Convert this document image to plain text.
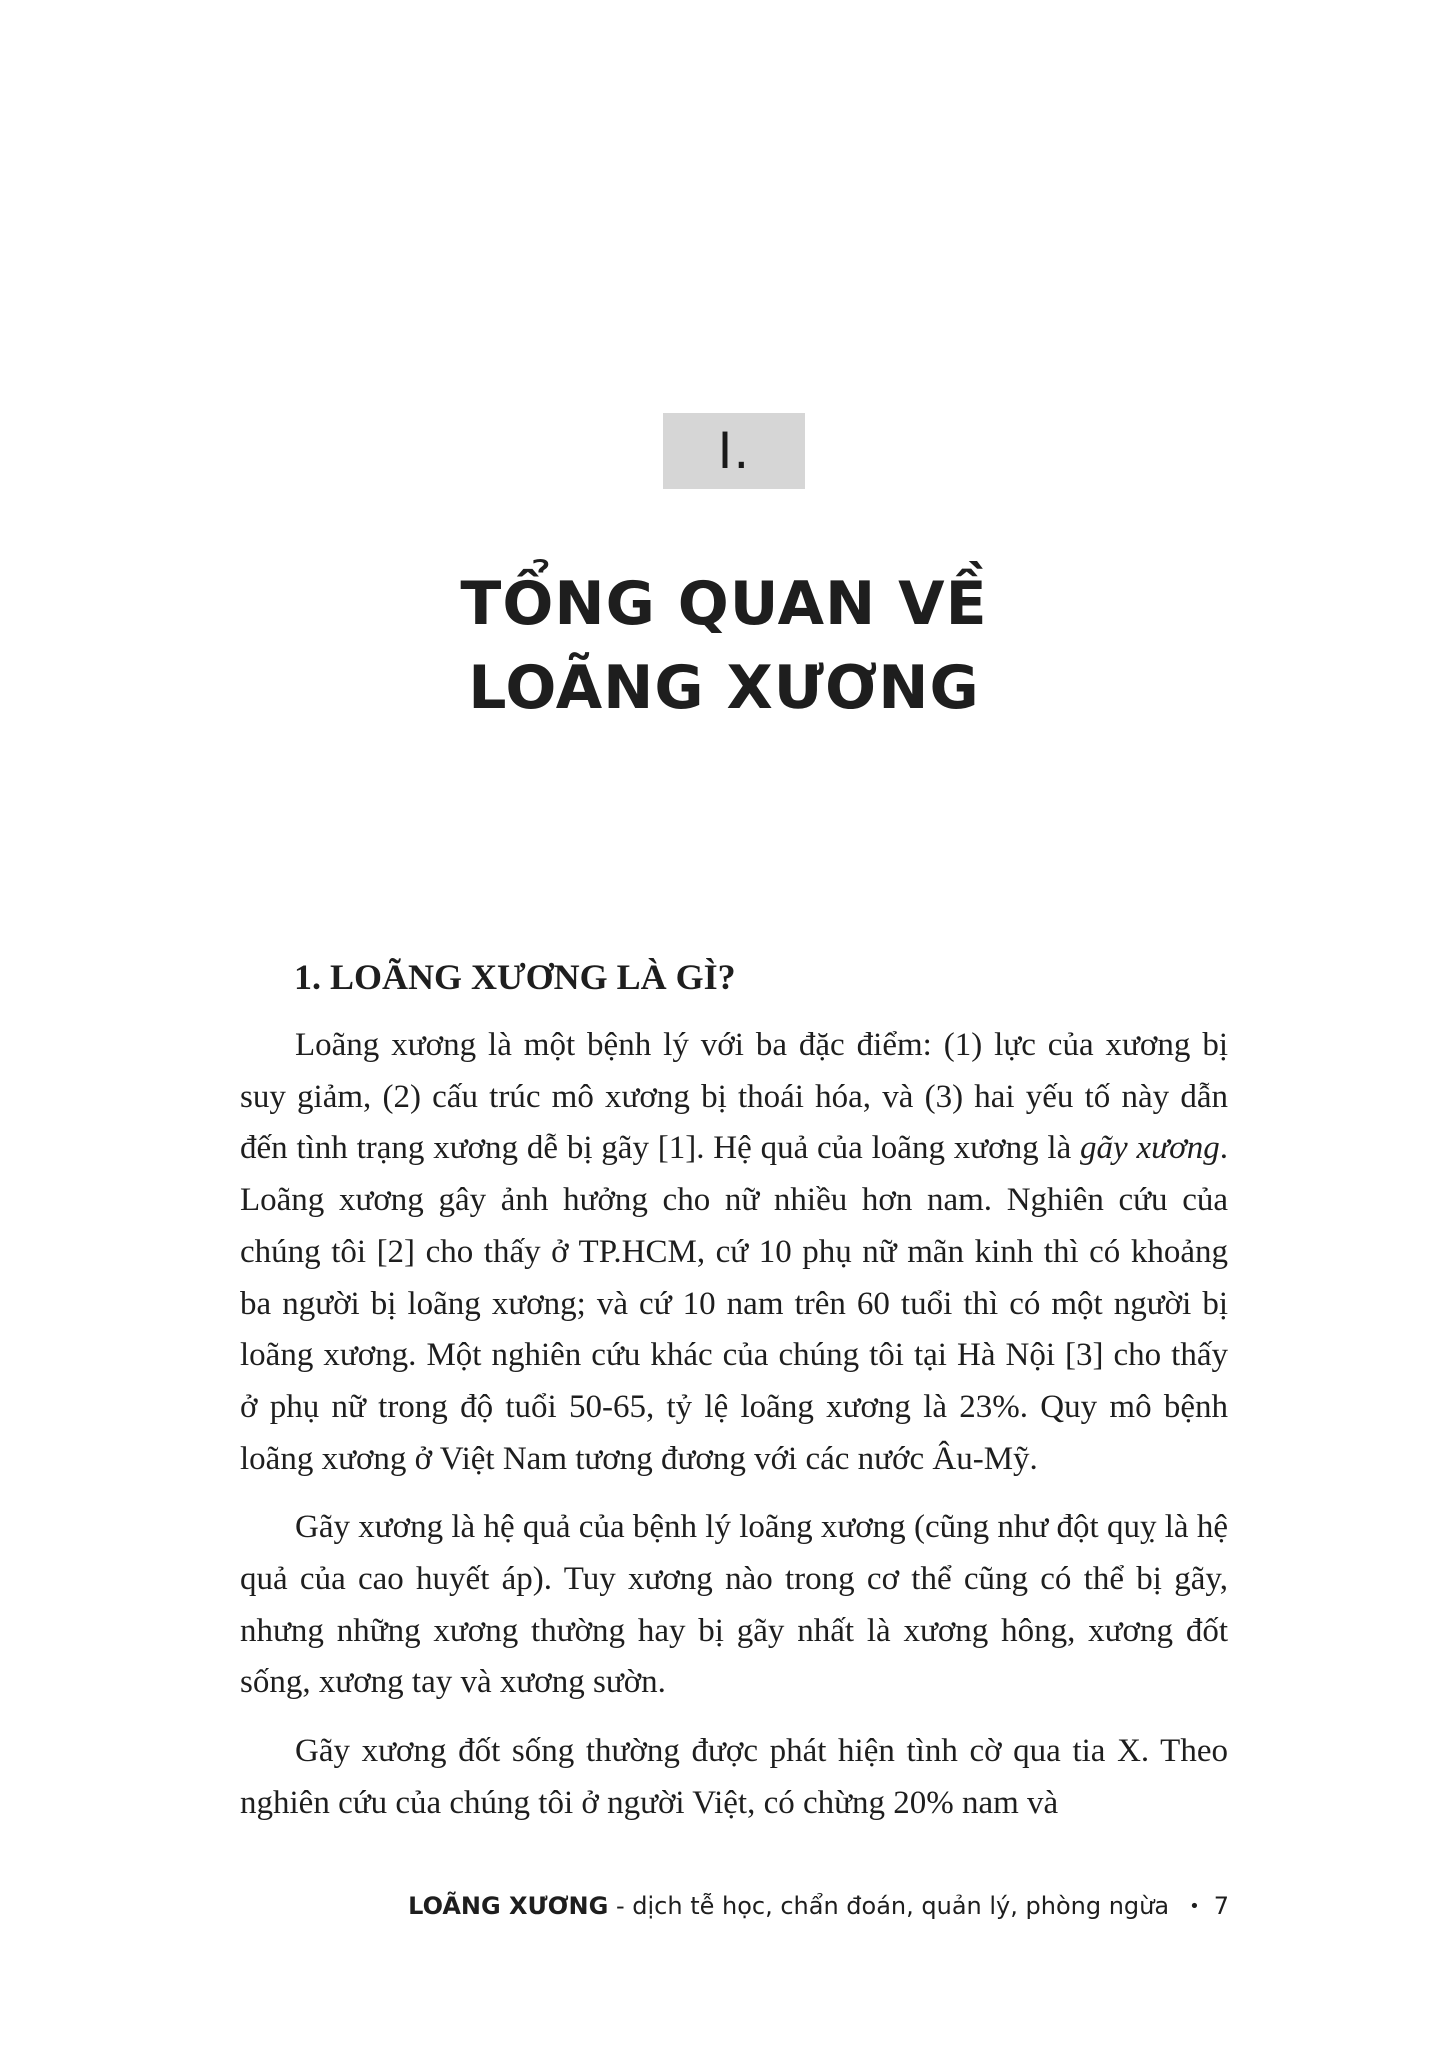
I.
TỔNG QUAN VỀ
LOÃNG XƯƠNG
1. LOÃNG XƯƠNG LÀ GÌ?

Loãng xương là một bệnh lý với ba đặc điểm: (1) lực của xương bị suy giảm, (2) cấu trúc mô xương bị thoái hóa, và (3) hai yếu tố này dẫn đến tình trạng xương dễ bị gãy [1]. Hệ quả của loãng xương là gãy xương. Loãng xương gây ảnh hưởng cho nữ nhiều hơn nam. Nghiên cứu của chúng tôi [2] cho thấy ở TP.HCM, cứ 10 phụ nữ mãn kinh thì có khoảng ba người bị loãng xương; và cứ 10 nam trên 60 tuổi thì có một người bị loãng xương. Một nghiên cứu khác của chúng tôi tại Hà Nội [3] cho thấy ở phụ nữ trong độ tuổi 50-65, tỷ lệ loãng xương là 23%. Quy mô bệnh loãng xương ở Việt Nam tương đương với các nước Âu-Mỹ.

Gãy xương là hệ quả của bệnh lý loãng xương (cũng như đột quỵ là hệ quả của cao huyết áp). Tuy xương nào trong cơ thể cũng có thể bị gãy, nhưng những xương thường hay bị gãy nhất là xương hông, xương đốt sống, xương tay và xương sườn.

Gãy xương đốt sống thường được phát hiện tình cờ qua tia X. Theo nghiên cứu của chúng tôi ở người Việt, có chừng 20% nam và

LOÃNG XƯƠNG - dịch tễ học, chẩn đoán, quản lý, phòng ngừa • 7
